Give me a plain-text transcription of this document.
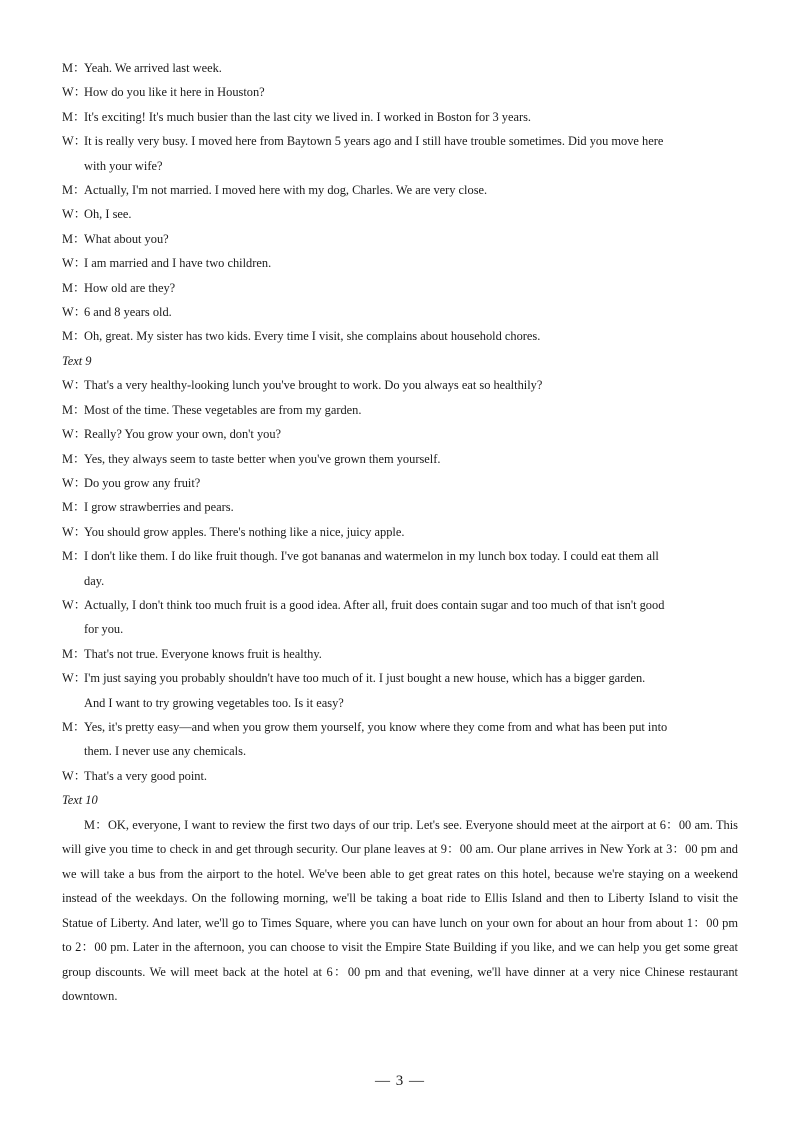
M：
Yeah. We arrived last week.
W：
How do you like it here in Houston?
M：
It's exciting! It's much busier than the last city we lived in. I worked in Boston for 3 years.
W：
It is really very busy. I moved here from Baytown 5 years ago and I still have trouble sometimes. Did you move here
with your wife?
M：
Actually, I'm not married. I moved here with my dog, Charles. We are very close.
W：
Oh, I see.
M：
What about you?
W：
I am married and I have two children.
M：
How old are they?
W：
6 and 8 years old.
M：
Oh, great. My sister has two kids. Every time I visit, she complains about household chores.
Text 9
W：
That's a very healthy-looking lunch you've brought to work. Do you always eat so healthily?
M：
Most of the time. These vegetables are from my garden.
W：
Really? You grow your own, don't you?
M：
Yes, they always seem to taste better when you've grown them yourself.
W：
Do you grow any fruit?
M：
I grow strawberries and pears.
W：
You should grow apples. There's nothing like a nice, juicy apple.
M：
I don't like them. I do like fruit though. I've got bananas and watermelon in my lunch box today. I could eat them all
day.
W：
Actually, I don't think too much fruit is a good idea. After all, fruit does contain sugar and too much of that isn't good
for you.
M：
That's not true. Everyone knows fruit is healthy.
W：
I'm just saying you probably shouldn't have too much of it. I just bought a new house, which has a bigger garden.
And I want to try growing vegetables too. Is it easy?
M：
Yes, it's pretty easy—and when you grow them yourself, you know where they come from and what has been put into
them. I never use any chemicals.
W：
That's a very good point.
Text 10

M：OK, everyone, I want to review the first two days of our trip. Let's see. Everyone should meet at the airport at 6：00 am. This will give you time to check in and get through security. Our plane leaves at 9：00 am. Our plane arrives in New York at 3：00 pm and we will take a bus from the airport to the hotel. We've been able to get great rates on this hotel, because we're staying on a weekend instead of the weekdays. On the following morning, we'll be taking a boat ride to Ellis Island and then to Liberty Island to visit the Statue of Liberty. And later, we'll go to Times Square, where you can have lunch on your own for about an hour from about 1：00 pm to 2：00 pm. Later in the afternoon, you can choose to visit the Empire State Building if you like, and we can help you get some great group discounts. We will meet back at the hotel at 6：00 pm and that evening, we'll have dinner at a very nice Chinese restaurant downtown.

— 3 —
